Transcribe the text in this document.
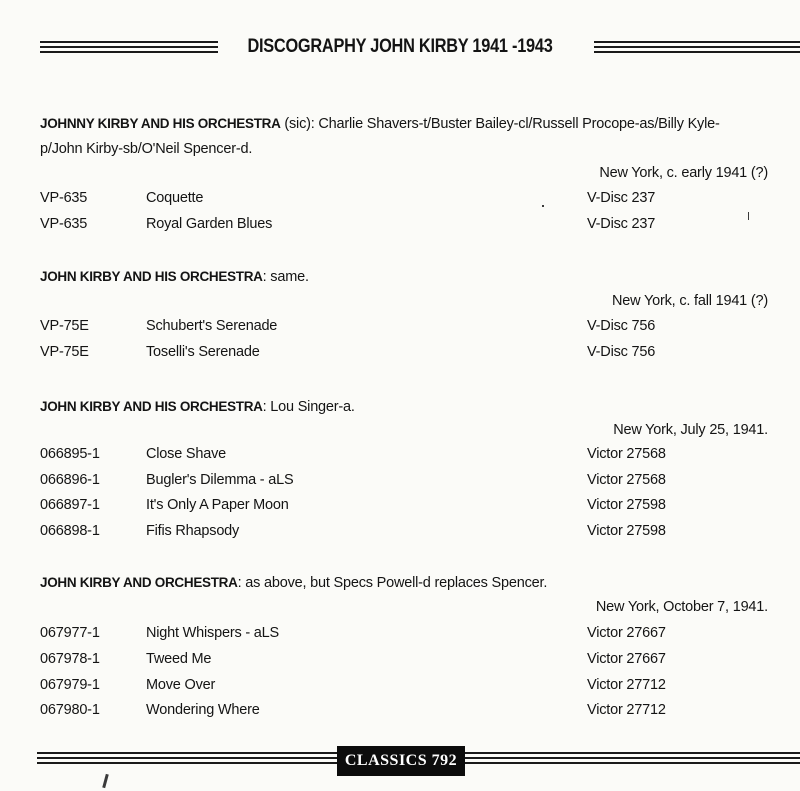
DISCOGRAPHY JOHN KIRBY 1941 -1943
JOHNNY KIRBY AND HIS ORCHESTRA (sic): Charlie Shavers-t/Buster Bailey-cl/Russell Procope-as/Billy Kyle-
p/John Kirby-sb/O'Neil Spencer-d.
New York, c. early 1941 (?)
VP-635	Coquette	V-Disc 237
VP-635	Royal Garden Blues	V-Disc 237
JOHN KIRBY AND HIS ORCHESTRA: same.
New York, c. fall 1941 (?)
VP-75E	Schubert's Serenade	V-Disc 756
VP-75E	Toselli's Serenade	V-Disc 756
JOHN KIRBY AND HIS ORCHESTRA: Lou Singer-a.
New York, July 25, 1941.
066895-1	Close Shave	Victor 27568
066896-1	Bugler's Dilemma - aLS	Victor 27568
066897-1	It's Only A Paper Moon	Victor 27598
066898-1	Fifis Rhapsody	Victor 27598
JOHN KIRBY AND ORCHESTRA: as above, but Specs Powell-d replaces Spencer.
New York, October 7, 1941.
067977-1	Night Whispers - aLS	Victor 27667
067978-1	Tweed Me	Victor 27667
067979-1	Move Over	Victor 27712
067980-1	Wondering Where	Victor 27712
CLASSICS 792
